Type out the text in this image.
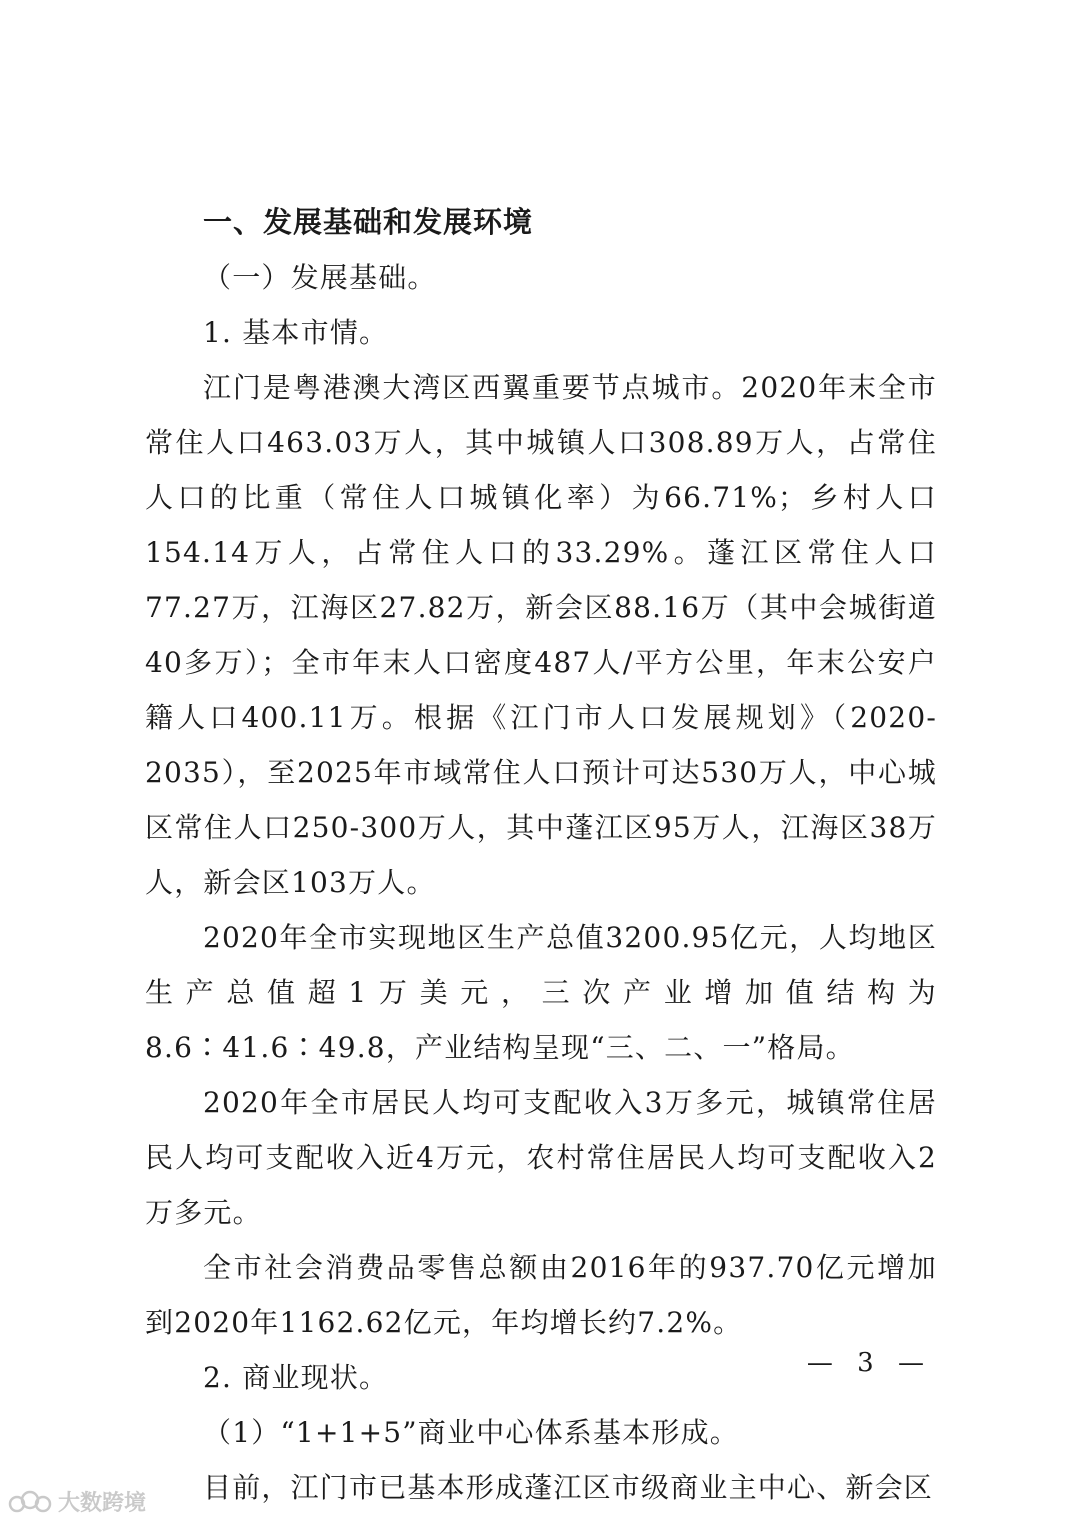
一、发展基础和发展环境

（一）发展基础。

1. 基本市情。

江门是粤港澳大湾区西翼重要节点城市。2020年末全市常住人口463.03万人，其中城镇人口308.89万人，占常住人口的比重（常住人口城镇化率）为66.71%；乡村人口154.14万人，占常住人口的33.29%。蓬江区常住人口77.27万，江海区27.82万，新会区88.16万（其中会城街道40多万）；全市年末人口密度487人/平方公里，年末公安户籍人口400.11万。根据《江门市人口发展规划》（2020-2035），至2025年市域常住人口预计可达530万人，中心城区常住人口250-300万人，其中蓬江区95万人，江海区38万人，新会区103万人。

2020年全市实现地区生产总值3200.95亿元，人均地区生产总值超1万美元，三次产业增加值结构为8.6∶41.6∶49.8，产业结构呈现“三、二、一”格局。

2020年全市居民人均可支配收入3万多元，城镇常住居民人均可支配收入近4万元，农村常住居民人均可支配收入2万多元。

全市社会消费品零售总额由2016年的937.70亿元增加到2020年1162.62亿元，年均增长约7.2%。

2. 商业现状。

（1）“1+1+5”商业中心体系基本形成。

目前，江门市已基本形成蓬江区市级商业主中心、新会区

— 3 —
大数跨境
